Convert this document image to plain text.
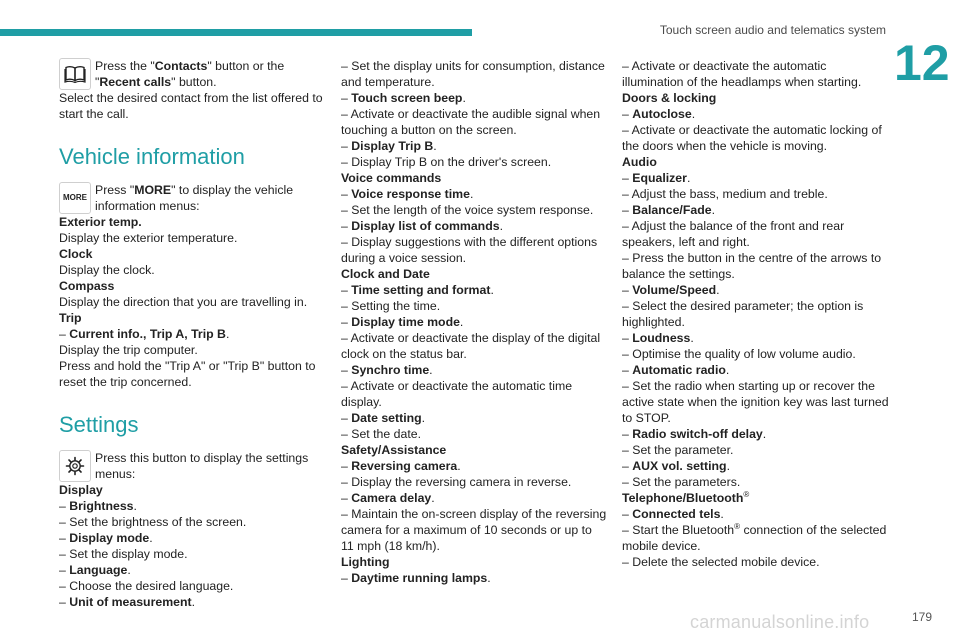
Touch screen audio and telematics system
12

Press the "Contacts" button or the "Recent calls" button.

Select the desired contact from the list offered to start the call.

Vehicle information
MORE

Press "MORE" to display the vehicle information menus:

Exterior temp.

Display the exterior temperature.

Clock

Display the clock.

Compass

Display the direction that you are travelling in.

Trip

– Current info., Trip A, Trip B.

Display the trip computer.

Press and hold the "Trip A" or "Trip B" button to reset the trip concerned.

Settings

Press this button to display the settings menus:

Display

– Brightness.

– Set the brightness of the screen.

– Display mode.

– Set the display mode.

– Language.

– Choose the desired language.

– Unit of measurement.

– Set the display units for consumption, distance and temperature.

– Touch screen beep.

– Activate or deactivate the audible signal when touching a button on the screen.

– Display Trip B.

– Display Trip B on the driver's screen.

Voice commands

– Voice response time.

– Set the length of the voice system response.

– Display list of commands.

– Display suggestions with the different options during a voice session.

Clock and Date

– Time setting and format.

– Setting the time.

– Display time mode.

– Activate or deactivate the display of the digital clock on the status bar.

– Synchro time.

– Activate or deactivate the automatic time display.

– Date setting.

– Set the date.

Safety/Assistance

– Reversing camera.

– Display the reversing camera in reverse.

– Camera delay.

– Maintain the on-screen display of the reversing camera for a maximum of 10 seconds or up to 11 mph (18 km/h).

Lighting

– Daytime running lamps.

– Activate or deactivate the automatic illumination of the headlamps when starting.

Doors & locking

– Autoclose.

– Activate or deactivate the automatic locking of the doors when the vehicle is moving.

Audio

– Equalizer.

– Adjust the bass, medium and treble.

– Balance/Fade.

– Adjust the balance of the front and rear speakers, left and right.

– Press the button in the centre of the arrows to balance the settings.

– Volume/Speed.

– Select the desired parameter; the option is highlighted.

– Loudness.

– Optimise the quality of low volume audio.

– Automatic radio.

– Set the radio when starting up or recover the active state when the ignition key was last turned to STOP.

– Radio switch-off delay.

– Set the parameter.

– AUX vol. setting.

– Set the parameters.

Telephone/Bluetooth®

– Connected tels.

– Start the Bluetooth® connection of the selected mobile device.

– Delete the selected mobile device.

carmanualsonline.info	179
